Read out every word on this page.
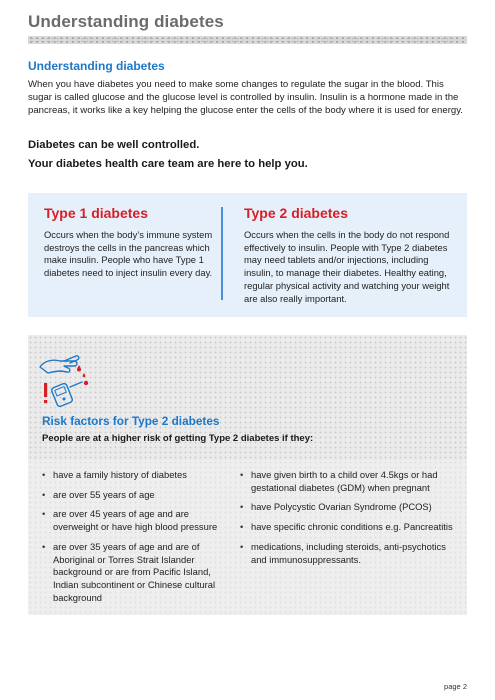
Understanding diabetes
Understanding diabetes

When you have diabetes you need to make some changes to regulate the sugar in the blood. This sugar is called glucose and the glucose level is controlled by insulin. Insulin is a hormone made in the pancreas, it works like a key helping the glucose enter the cells of the body where it is used for energy.

Diabetes can be well controlled.
Your diabetes health care team are here to help you.
Type 1 diabetes
Occurs when the body’s immune system destroys the cells in the pancreas which make insulin. People who have Type 1 diabetes need to inject insulin every day.
Type 2 diabetes
Occurs when the cells in the body do not respond effectively to insulin. People with Type 2 diabetes may need tablets and/or injections, including insulin, to manage their diabetes. Healthy eating, regular physical activity and watching your weight are also really important.
Risk factors for Type 2 diabetes
People are at a higher risk of getting Type 2 diabetes if they:
• have a family history of diabetes
• are over 55 years of age
• are over 45 years of age and are overweight or have high blood pressure
• are over 35 years of age and are of Aboriginal or Torres Strait Islander background or are from Pacific Island, Indian subcontinent or Chinese cultural background
• have given birth to a child over 4.5kgs or had gestational diabetes (GDM) when pregnant
• have Polycystic Ovarian Syndrome (PCOS)
• have specific chronic conditions e.g. Pancreatitis
• medications, including steroids, anti-psychotics and immunosuppressants.
page 2
